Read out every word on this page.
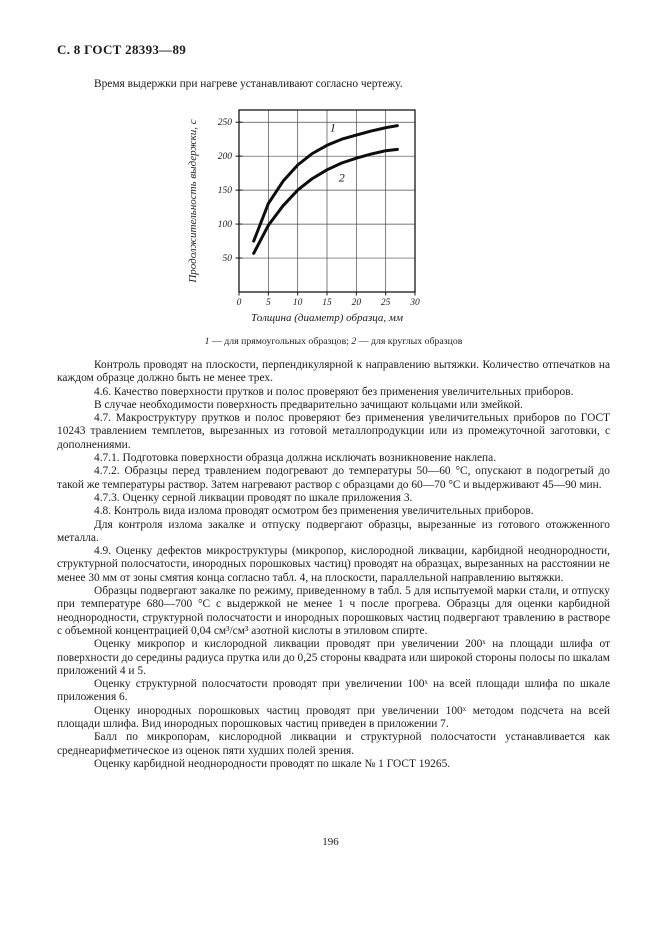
С. 8 ГОСТ 28393—89
Время выдержки при нагреве устанавливают согласно чертежу.
0	5 10 15 20 25 30
50
100
150
200
250	1
2
Толщина (диаметр) образца, мм
Продолжительность выдержки, с
1 — для прямоугольных образцов; 2 — для круглых образцов

Контроль проводят на плоскости, перпендикулярной к направлению вытяжки. Количество отпечатков на каждом образце должно быть не менее трех.

4.6. Качество поверхности прутков и полос проверяют без применения увеличительных приборов.

В случае необходимости поверхность предварительно зачищают кольцами или змейкой.

4.7. Макроструктуру прутков и полос проверяют без применения увеличительных приборов по ГОСТ 10243 травлением темплетов, вырезанных из готовой металлопродукции или из промежуточной заготовки, с дополнениями.

4.7.1. Подготовка поверхности образца должна исключать возникновение наклепа.

4.7.2. Образцы перед травлением подогревают до температуры 50—60 °С, опускают в подогретый до такой же температуры раствор. Затем нагревают раствор с образцами до 60—70 °С и выдерживают 45—90 мин.

4.7.3. Оценку серной ликвации проводят по шкале приложения 3.

4.8. Контроль вида излома проводят осмотром без применения увеличительных приборов.

Для контроля излома закалке и отпуску подвергают образцы, вырезанные из готового отожженного металла.

4.9. Оценку дефектов микроструктуры (микропор, кислородной ликвации, карбидной неоднородности, структурной полосчатости, инородных порошковых частиц) проводят на образцах, вырезанных на расстоянии не менее 30 мм от зоны смятия конца согласно табл. 4, на плоскости, параллельной направлению вытяжки.

Образцы подвергают закалке по режиму, приведенному в табл. 5 для испытуемой марки стали, и отпуску при температуре 680—700 °С с выдержкой не менее 1 ч после прогрева. Образцы для оценки карбидной неоднородности, структурной полосчатости и инородных порошковых частиц подвергают травлению в растворе с объемной концентрацией 0,04 см³/см³ азотной кислоты в этиловом спирте.

Оценку микропор и кислородной ликвации проводят при увеличении 200ˣ на площади шлифа от поверхности до середины радиуса прутка или до 0,25 стороны квадрата или широкой стороны полосы по шкалам приложений 4 и 5.

Оценку структурной полосчатости проводят при увеличении 100ˣ на всей площади шлифа по шкале приложения 6.

Оценку инородных порошковых частиц проводят при увеличении 100ˣ методом подсчета на всей площади шлифа. Вид инородных порошковых частиц приведен в приложении 7.

Балл по микропорам, кислородной ликвации и структурной полосчатости устанавливается как среднеарифметическое из оценок пяти худших полей зрения.

Оценку карбидной неоднородности проводят по шкале № 1 ГОСТ 19265.

196
